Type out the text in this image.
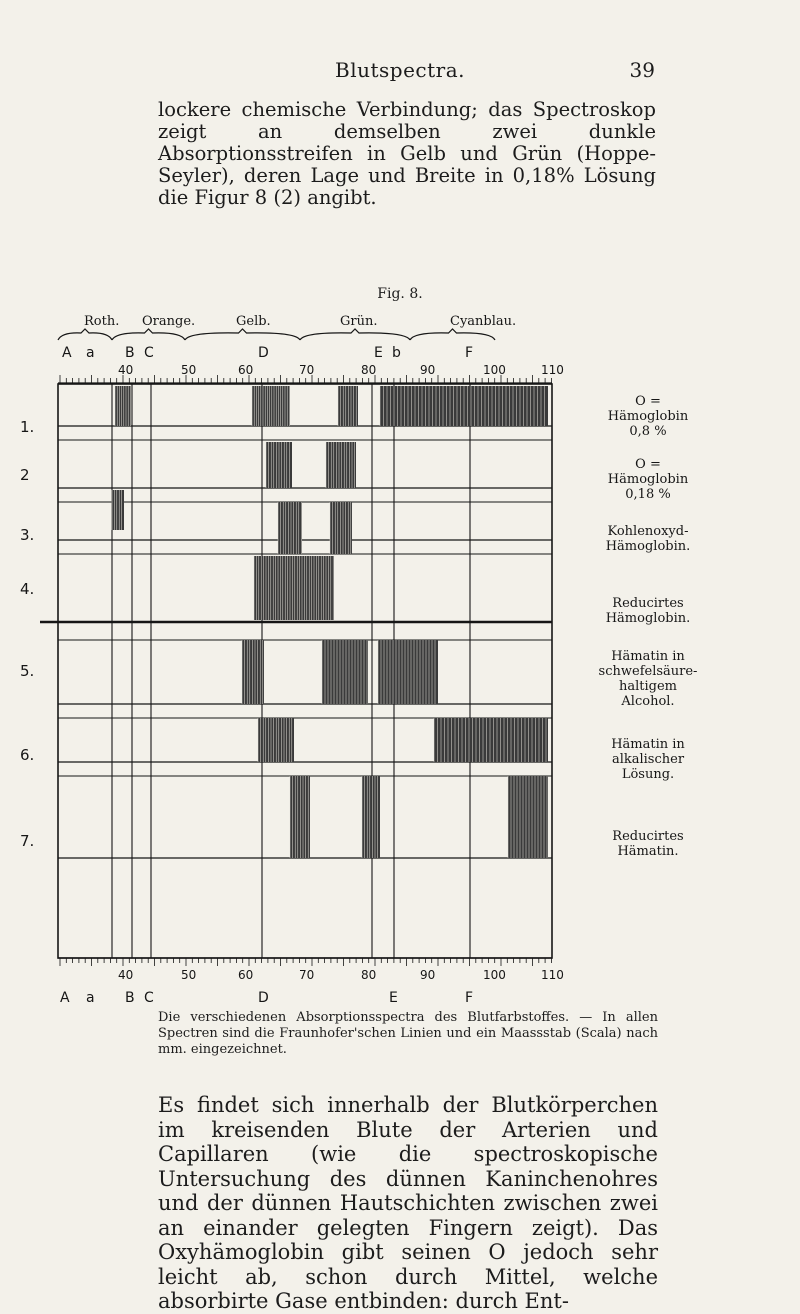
Blutspectra.	39

lockere chemische Verbindung; das Spectroskop zeigt an demselben zwei dunkle Absorptionsstreifen in Gelb und Grün (Hoppe-Seyler), deren Lage und Breite in 0,18% Lösung die Figur 8 (2) angibt.

Fig. 8.
Roth. Orange.	Gelb.	Grün.	Cyanblau.
A a B C	D	E b	F
40	50	60	70	80	90	100	110
40	50	60	70	80	90	100	110
A a B C	D	E	F
1.
2
3.
4.
5.
6.
7.
O = Hämoglobin 0,8 %
O = Hämoglobin 0,18 %
Kohlenoxyd-Hämoglobin.
Reducirtes Hämoglobin.
Hämatin in schwefelsäure-haltigem Alcohol.
Hämatin in alkalischer Lösung.
Reducirtes Hämatin.
Die verschiedenen Absorptionsspectra des Blutfarbstoffes. — In allen Spectren sind die Fraunhofer'schen Linien und ein Maassstab (Scala) nach mm. eingezeichnet.

Es findet sich innerhalb der Blutkörperchen im kreisenden Blute der Arterien und Capillaren (wie die spectroskopische Untersuchung des dünnen Kaninchenohres und der dünnen Hautschichten zwischen zwei an einander gelegten Fingern zeigt). Das Oxyhämoglobin gibt seinen O jedoch sehr leicht ab, schon durch Mittel, welche absorbirte Gase entbinden: durch Ent-
